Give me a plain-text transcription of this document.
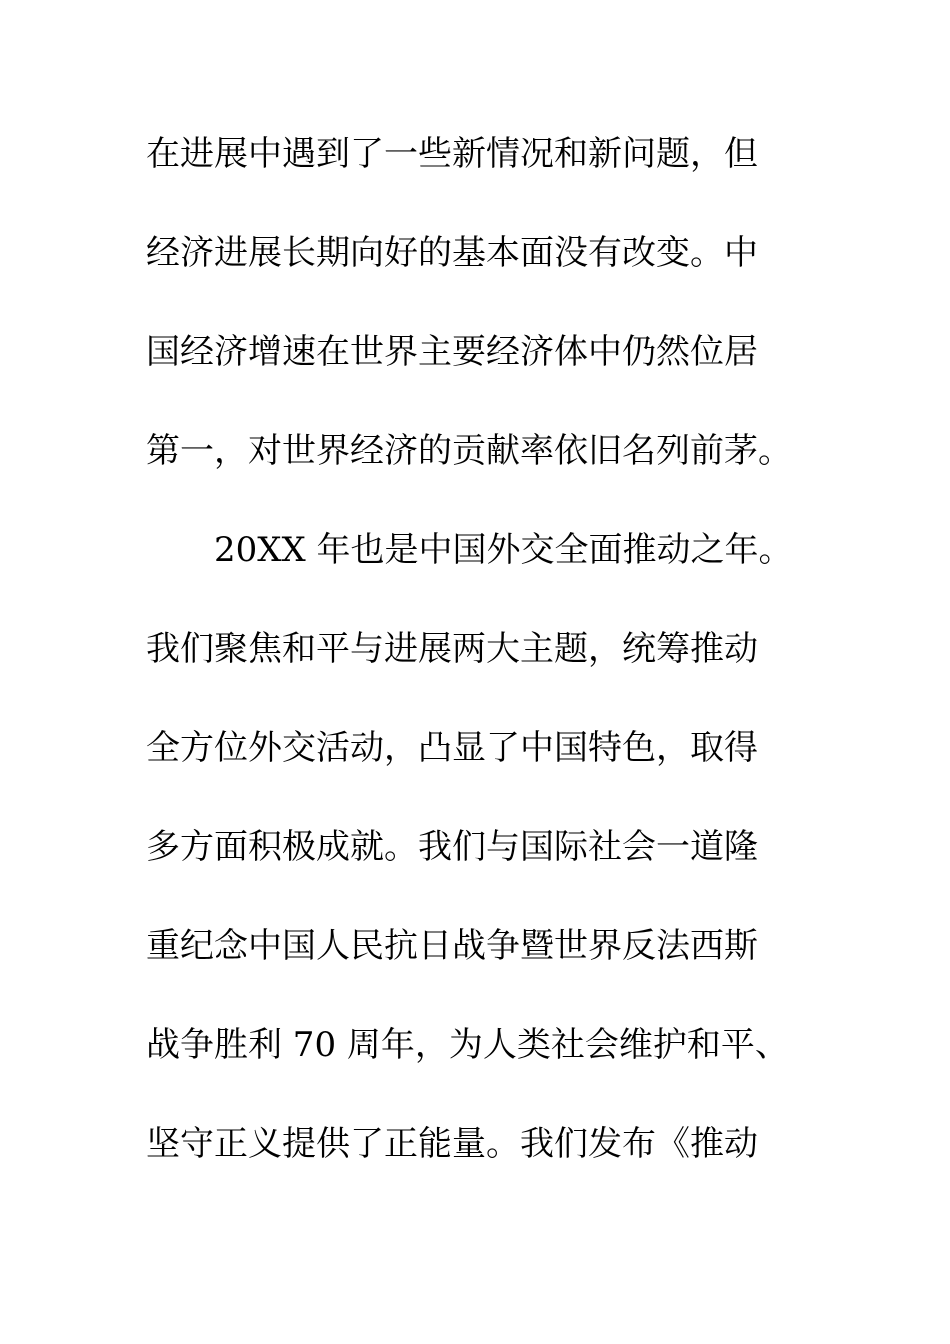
在进展中遇到了一些新情况和新问题，但
经济进展长期向好的基本面没有改变。中
国经济增速在世界主要经济体中仍然位居
第一，对世界经济的贡献率依旧名列前茅。
20XX 年也是中国外交全面推动之年。
我们聚焦和平与进展两大主题，统筹推动
全方位外交活动，凸显了中国特色，取得
多方面积极成就。我们与国际社会一道隆
重纪念中国人民抗日战争暨世界反法西斯
战争胜利 70 周年，为人类社会维护和平、
坚守正义提供了正能量。我们发布《推动
